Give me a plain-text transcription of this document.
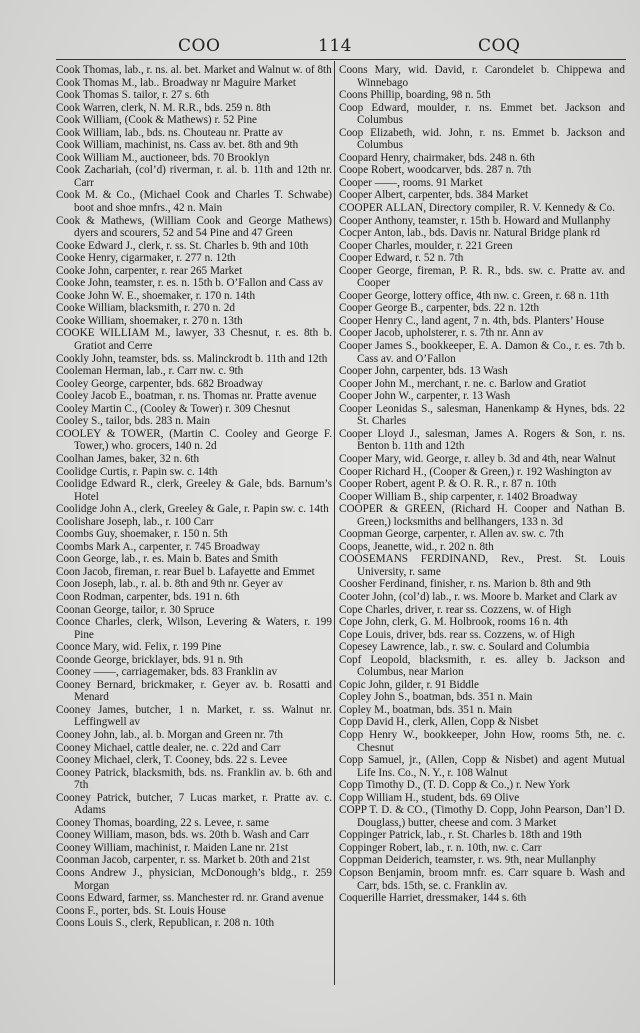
COO	114	COQ

Cook Thomas, lab., r. ns. al. bet. Market and Walnut w. of 8th

Cook Thomas M., lab.. Broadway nr Maguire Market

Cook Thomas S. tailor, r. 27 s. 6th

Cook Warren, clerk, N. M. R.R., bds. 259 n. 8th

Cook William, (Cook & Mathews) r. 52 Pine

Cook William, lab., bds. ns. Chouteau nr. Pratte av

Cook William, machinist, ns. Cass av. bet. 8th and 9th

Cook William M., auctioneer, bds. 70 Brooklyn

Cook Zachariah, (col’d) riverman, r. al. b. 11th and 12th nr. Carr

Cook M. & Co., (Michael Cook and Charles T. Schwabe) boot and shoe mnfrs., 42 n. Main

Cook & Mathews, (William Cook and George Mathews) dyers and scourers, 52 and 54 Pine and 47 Green

Cooke Edward J., clerk, r. ss. St. Charles b. 9th and 10th

Cooke Henry, cigarmaker, r. 277 n. 12th

Cooke John, carpenter, r. rear 265 Market

Cooke John, teamster, r. es. n. 15th b. O’Fallon and Cass av

Cooke John W. E., shoemaker, r. 170 n. 14th

Cooke William, blacksmith, r. 270 n. 2d

Cooke William, shoemaker, r. 270 n. 13th

COOKE WILLIAM M., lawyer, 33 Chesnut, r. es. 8th b. Gratiot and Cerre

Cookly John, teamster, bds. ss. Malinckrodt b. 11th and 12th

Cooleman Herman, lab., r. Carr nw. c. 9th

Cooley George, carpenter, bds. 682 Broadway

Cooley Jacob E., boatman, r. ns. Thomas nr. Pratte avenue

Cooley Martin C., (Cooley & Tower) r. 309 Chesnut

Cooley S., tailor, bds. 283 n. Main

COOLEY & TOWER, (Martin C. Cooley and George F. Tower,) who. grocers, 140 n. 2d

Coolhan James, baker, 32 n. 6th

Coolidge Curtis, r. Papin sw. c. 14th

Coolidge Edward R., clerk, Greeley & Gale, bds. Barnum’s Hotel

Coolidge John A., clerk, Greeley & Gale, r. Papin sw. c. 14th

Coolishare Joseph, lab., r. 100 Carr

Coombs Guy, shoemaker, r. 150 n. 5th

Coombs Mark A., carpenter, r. 745 Broadway

Coon George, lab., r. es. Main b. Bates and Smith

Coon Jacob, fireman, r. rear Buel b. Lafayette and Emmet

Coon Joseph, lab., r. al. b. 8th and 9th nr. Geyer av

Coon Rodman, carpenter, bds. 191 n. 6th

Coonan George, tailor, r. 30 Spruce

Coonce Charles, clerk, Wilson, Levering & Waters, r. 199 Pine

Coonce Mary, wid. Felix, r. 199 Pine

Coonde George, bricklayer, bds. 91 n. 9th

Cooney ——, carriagemaker, bds. 83 Franklin av

Cooney Bernard, brickmaker, r. Geyer av. b. Rosatti and Menard

Cooney James, butcher, 1 n. Market, r. ss. Walnut nr. Leffingwell av

Cooney John, lab., al. b. Morgan and Green nr. 7th

Cooney Michael, cattle dealer, ne. c. 22d and Carr

Cooney Michael, clerk, T. Cooney, bds. 22 s. Levee

Cooney Patrick, blacksmith, bds. ns. Franklin av. b. 6th and 7th

Cooney Patrick, butcher, 7 Lucas market, r. Pratte av. c. Adams

Cooney Thomas, boarding, 22 s. Levee, r. same

Cooney William, mason, bds. ws. 20th b. Wash and Carr

Cooney William, machinist, r. Maiden Lane nr. 21st

Coonman Jacob, carpenter, r. ss. Market b. 20th and 21st

Coons Andrew J., physician, McDonough’s bldg., r. 259 Morgan

Coons Edward, farmer, ss. Manchester rd. nr. Grand avenue

Coons F., porter, bds. St. Louis House

Coons Louis S., clerk, Republican, r. 208 n. 10th

Coons Mary, wid. David, r. Carondelet b. Chippewa and Winnebago

Coons Phillip, boarding, 98 n. 5th

Coop Edward, moulder, r. ns. Emmet bet. Jackson and Columbus

Coop Elizabeth, wid. John, r. ns. Emmet b. Jackson and Columbus

Coopard Henry, chairmaker, bds. 248 n. 6th

Coope Robert, woodcarver, bds. 287 n. 7th

Cooper ——, rooms. 91 Market

Cooper Albert, carpenter, bds. 384 Market

COOPER ALLAN, Directory compiler, R. V. Kennedy & Co.

Cooper Anthony, teamster, r. 15th b. Howard and Mullanphy

Cocper Anton, lab., bds. Davis nr. Natural Bridge plank rd

Cooper Charles, moulder, r. 221 Green

Cooper Edward, r. 52 n. 7th

Cooper George, fireman, P. R. R., bds. sw. c. Pratte av. and Cooper

Cooper George, lottery office, 4th nw. c. Green, r. 68 n. 11th

Cooper George B., carpenter, bds. 22 n. 12th

Cooper Henry C., land agent, 7 n. 4th, bds. Planters’ House

Cooper Jacob, upholsterer, r. s. 7th nr. Ann av

Cooper James S., bookkeeper, E. A. Damon & Co., r. es. 7th b. Cass av. and O’Fallon

Cooper John, carpenter, bds. 13 Wash

Cooper John M., merchant, r. ne. c. Barlow and Gratiot

Cooper John W., carpenter, r. 13 Wash

Cooper Leonidas S., salesman, Hanenkamp & Hynes, bds. 22 St. Charles

Cooper Lloyd J., salesman, James A. Rogers & Son, r. ns. Benton b. 11th and 12th

Cooper Mary, wid. George, r. alley b. 3d and 4th, near Walnut

Cooper Richard H., (Cooper & Green,) r. 192 Washington av

Cooper Robert, agent P. & O. R. R., r. 87 n. 10th

Cooper William B., ship carpenter, r. 1402 Broadway

COOPER & GREEN, (Richard H. Cooper and Nathan B. Green,) locksmiths and bellhangers, 133 n. 3d

Coopman George, carpenter, r. Allen av. sw. c. 7th

Coops, Jeanette, wid., r. 202 n. 8th

COOSEMANS FERDINAND, Rev., Prest. St. Louis University, r. same

Coosher Ferdinand, finisher, r. ns. Marion b. 8th and 9th

Cooter John, (col’d) lab., r. ws. Moore b. Market and Clark av

Cope Charles, driver, r. rear ss. Cozzens, w. of High

Cope John, clerk, G. M. Holbrook, rooms 16 n. 4th

Cope Louis, driver, bds. rear ss. Cozzens, w. of High

Copesey Lawrence, lab., r. sw. c. Soulard and Columbia

Copf Leopold, blacksmith, r. es. alley b. Jackson and Columbus, near Marion

Copic John, gilder, r. 91 Biddle

Copley John S., boatman, bds. 351 n. Main

Copley M., boatman, bds. 351 n. Main

Copp David H., clerk, Allen, Copp & Nisbet

Copp Henry W., bookkeeper, John How, rooms 5th, ne. c. Chesnut

Copp Samuel, jr., (Allen, Copp & Nisbet) and agent Mutual Life Ins. Co., N. Y., r. 108 Walnut

Copp Timothy D., (T. D. Copp & Co.,) r. New York

Copp William H., student, bds. 69 Olive

COPP T. D. & CO., (Timothy D. Copp, John Pearson, Dan’l D. Douglass,) butter, cheese and com. 3 Market

Coppinger Patrick, lab., r. St. Charles b. 18th and 19th

Coppinger Robert, lab., r. n. 10th, nw. c. Carr

Coppman Deiderich, teamster, r. ws. 9th, near Mullanphy

Copson Benjamin, broom mnfr. es. Carr square b. Wash and Carr, bds. 15th, se. c. Franklin av.

Coquerille Harriet, dressmaker, 144 s. 6th
